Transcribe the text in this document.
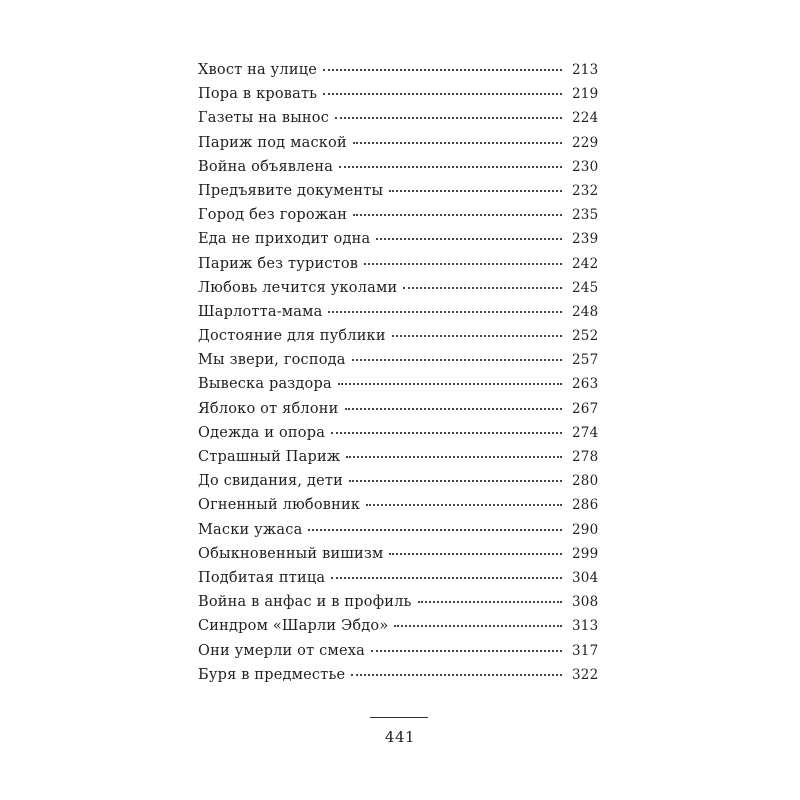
Хвост на улице	213
Пора в кровать	219
Газеты на вынос	224
Париж под маской	229
Война объявлена	230
Предъявите документы	232
Город без горожан	235
Еда не приходит одна	239
Париж без туристов	242
Любовь лечится уколами	245
Шарлотта-мама	248
Достояние для публики	252
Мы звери, господа	257
Вывеска раздора	263
Яблоко от яблони	267
Одежда и опора	274
Страшный Париж	278
До свидания, дети	280
Огненный любовник	286
Маски ужаса	290
Обыкновенный вишизм	299
Подбитая птица	304
Война в анфас и в профиль	308
Синдром «Шарли Эбдо»	313
Они умерли от смеха	317
Буря в предместье	322
441
